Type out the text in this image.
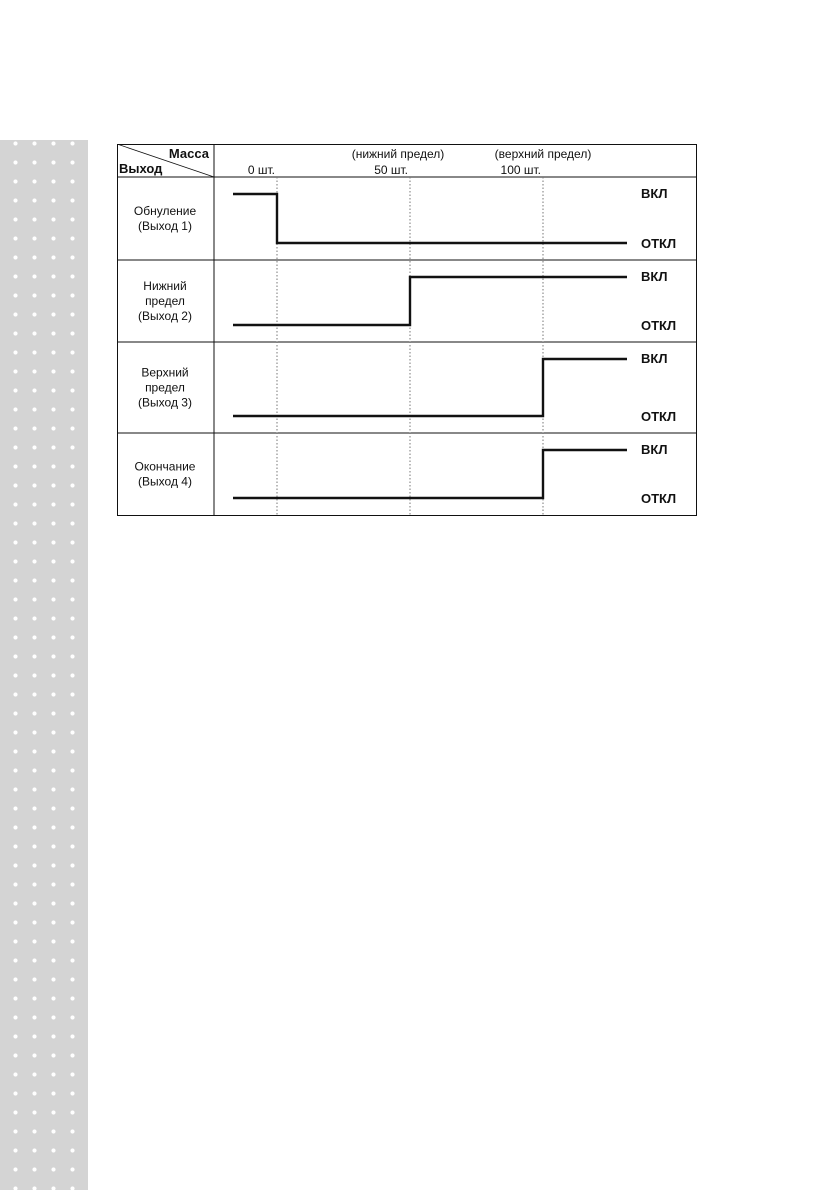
Масса
Выход
(нижний предел)	(верхний предел)
0 шт.	50 шт.	100 шт.
Обнуление
(Выход 1)
ВКЛ
ОТКЛ
Нижний
предел
(Выход 2)
ВКЛ
ОТКЛ
Верхний
предел
(Выход 3)
ВКЛ
ОТКЛ
Окончание
(Выход 4)
ВКЛ
ОТКЛ
